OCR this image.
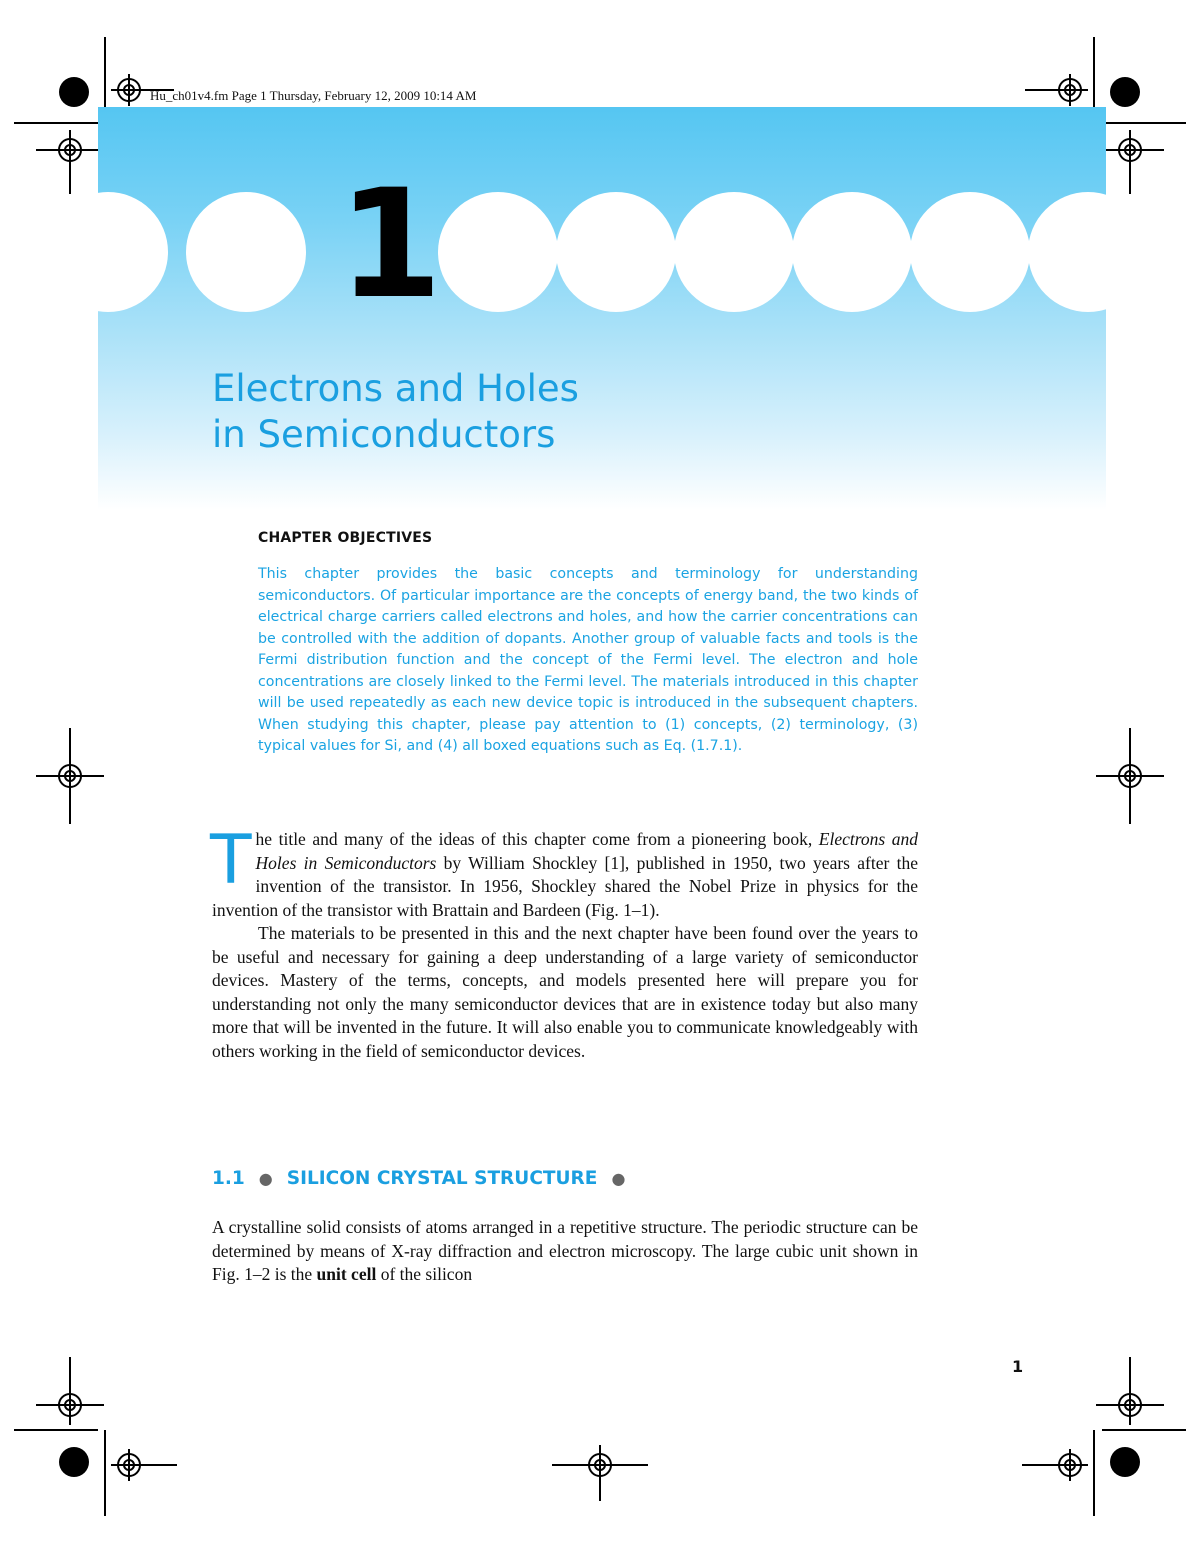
Hu_ch01v4.fm Page 1 Thursday, February 12, 2009 10:14 AM
1
Electrons and Holes
in Semiconductors
CHAPTER OBJECTIVES
This chapter provides the basic concepts and terminology for understanding semiconductors. Of particular importance are the concepts of energy band, the two kinds of electrical charge carriers called electrons and holes, and how the carrier concentrations can be controlled with the addition of dopants. Another group of valuable facts and tools is the Fermi distribution function and the concept of the Fermi level. The electron and hole concentrations are closely linked to the Fermi level. The materials introduced in this chapter will be used repeatedly as each new device topic is introduced in the subsequent chapters. When studying this chapter, please pay attention to (1) concepts, (2) terminology, (3) typical values for Si, and (4) all boxed equations such as Eq. (1.7.1).

The title and many of the ideas of this chapter come from a pioneering book, Electrons and Holes in Semiconductors by William Shockley [1], published in 1950, two years after the invention of the transistor. In 1956, Shockley shared the Nobel Prize in physics for the invention of the transistor with Brattain and Bardeen (Fig. 1–1).

The materials to be presented in this and the next chapter have been found over the years to be useful and necessary for gaining a deep understanding of a large variety of semiconductor devices. Mastery of the terms, concepts, and models presented here will prepare you for understanding not only the many semiconductor devices that are in existence today but also many more that will be invented in the future. It will also enable you to communicate knowledgeably with others working in the field of semiconductor devices.

1.1 ● SILICON CRYSTAL STRUCTURE ●

A crystalline solid consists of atoms arranged in a repetitive structure. The periodic structure can be determined by means of X-ray diffraction and electron microscopy. The large cubic unit shown in Fig. 1–2 is the unit cell of the silicon

1
